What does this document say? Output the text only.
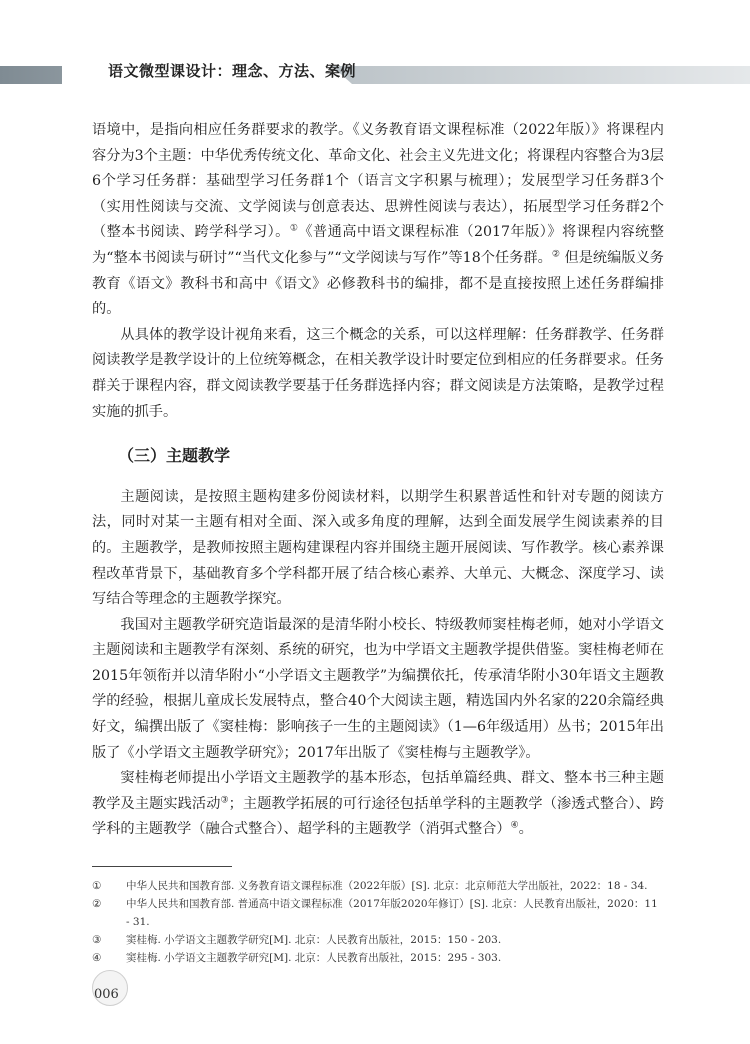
语文微型课设计：理念、方法、案例

语境中，是指向相应任务群要求的教学。《义务教育语文课程标准（2022年版）》将课程内容分为3个主题：中华优秀传统文化、革命文化、社会主义先进文化；将课程内容整合为3层6个学习任务群：基础型学习任务群1个（语言文字积累与梳理）；发展型学习任务群3个（实用性阅读与交流、文学阅读与创意表达、思辨性阅读与表达），拓展型学习任务群2个（整本书阅读、跨学科学习）。①《普通高中语文课程标准（2017年版）》将课程内容统整为“整本书阅读与研讨”“当代文化参与”“文学阅读与写作”等18个任务群。② 但是统编版义务教育《语文》教科书和高中《语文》必修教科书的编排，都不是直接按照上述任务群编排的。

从具体的教学设计视角来看，这三个概念的关系，可以这样理解：任务群教学、任务群阅读教学是教学设计的上位统筹概念，在相关教学设计时要定位到相应的任务群要求。任务群关于课程内容，群文阅读教学要基于任务群选择内容；群文阅读是方法策略，是教学过程实施的抓手。

（三）主题教学

主题阅读，是按照主题构建多份阅读材料，以期学生积累普适性和针对专题的阅读方法，同时对某一主题有相对全面、深入或多角度的理解，达到全面发展学生阅读素养的目的。主题教学，是教师按照主题构建课程内容并围绕主题开展阅读、写作教学。核心素养课程改革背景下，基础教育多个学科都开展了结合核心素养、大单元、大概念、深度学习、读写结合等理念的主题教学探究。

我国对主题教学研究造诣最深的是清华附小校长、特级教师窦桂梅老师，她对小学语文主题阅读和主题教学有深刻、系统的研究，也为中学语文主题教学提供借鉴。窦桂梅老师在2015年领衔并以清华附小“小学语文主题教学”为编撰依托，传承清华附小30年语文主题教学的经验，根据儿童成长发展特点，整合40个大阅读主题，精选国内外名家的220余篇经典好文，编撰出版了《窦桂梅：影响孩子一生的主题阅读》（1—6年级适用）丛书；2015年出版了《小学语文主题教学研究》；2017年出版了《窦桂梅与主题教学》。

窦桂梅老师提出小学语文主题教学的基本形态，包括单篇经典、群文、整本书三种主题教学及主题实践活动③；主题教学拓展的可行途径包括单学科的主题教学（渗透式整合）、跨学科的主题教学（融合式整合）、超学科的主题教学（消弭式整合）④。

①	中华人民共和国教育部. 义务教育语文课程标准（2022年版）[S]. 北京：北京师范大学出版社，2022：18 - 34.
②	中华人民共和国教育部. 普通高中语文课程标准（2017年版2020年修订）[S]. 北京：人民教育出版社，2020：11 - 31.
③	窦桂梅. 小学语文主题教学研究[M]. 北京：人民教育出版社，2015：150 - 203.
④	窦桂梅. 小学语文主题教学研究[M]. 北京：人民教育出版社，2015：295 - 303.
006
